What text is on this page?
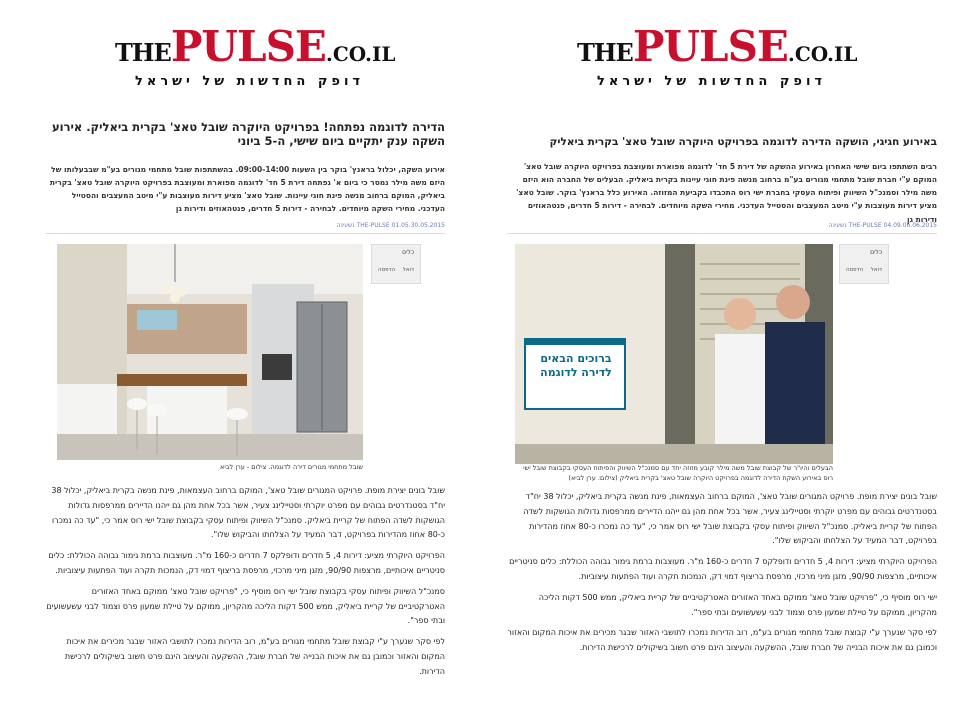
THEPULSE.CO.IL
דופק החדשות של ישראל
הדירה לדוגמה נפתחה! בפרויקט היוקרה שובל טאצ' בקרית ביאליק. אירוע השקה ענק יתקיים ביום שישי, ה-5 ביוני
אירוע השקה, יכלול בראנץ' בוקר בין השעות 09:00-14:00. בהשתתפות שובל מתחמי מגורים בע"מ שבבעלותו של היזם משה מילר נמסר כי ביום א' נפתחה דירת 5 חד' לדוגמה מפוארת ומעוצבת בפרויקט היוקרה שובל טאצ' בקרית ביאליק, המוקם ברחוב מנשה פינת חוגי עיינות. שובל טאצ' מציע דירות מעוצבות ע"י מיטב המעצבים והסטייל העדכני. מחירי השקה מיוחדים. לבחירה - דירות 5 חדרים, פנטהאוזים ודירות גן
01.05.30.05.2015 THE-PULSE נשעינה
שובל מתחמי מגורים דירה לדוגמה. צילום - ערן לביא
כלים
דואל
הדפסה

שובל בונים יצירת מופת. פרויקט המגורים שובל טאצ', המוקם ברחוב העצמאות, פינת מנשה בקרית ביאליק, יכלול 38 יח"ד בסטנדרטים גבוהים עם מפרט יוקרתי וסטיילינג צעיר, אשר בכל אחת מהן גם ייהנו הדיירים ממרפסות גדולות הגושקות לשדה הפתוח של קריית ביאליק. סמנכ"ל השיווק ופיתוח עסקי בקבוצת שובל ישי רוס אמר כי, "עד כה נמכרו כ-80 אחוז מהדירות בפרויקט, דבר המעיד על הצלחתו והביקוש שלו".

הפרויקט היוקרתי מציע: דירות 4, 5 חדרים ודופלקס 7 חדרים כ-160 מ"ר. מעוצבות ברמת גימור גבוהה הכוללת: כלים סניטריים איכותיים, מרצפות 90/90, מזגן מיני מרכזי, מרפסת בריצוף דמוי דק, הנמכות תקרה ועוד הפתעות עיצוביות.

סמנכ"ל השיווק ופיתוח עסקי בקבוצת שובל ישי רוס מוסיף כי, "פרויקט שובל טאצ' ממוקם באחד האזורים האטרקטיביים של קריית ביאליק, ממש 500 דקות הליכה מהקריון, ממוקם על טיילת שמעון פרס וצמוד לבני עשעשועים ובתי ספר".

לפי סקר שנערך ע"י קבוצת שובל מתחמי מגורים בע"מ, רוב הדירות נמכרו לתושבי האזור שבגר מכירים את איכות המקום והאזור וכמובן גם את איכות הבנייה של חברת שובל, ההשקעה והעיצוב הינם פרט חשוב בשיקולים לרכישת הדירות.

THEPULSE.CO.IL
דופק החדשות של ישראל
באירוע חגיגי, הושקה הדירה לדוגמה בפרויקט היוקרה שובל טאצ' בקרית ביאליק
רבים השתתפו ביום שישי האחרון באירוע ההשקה של דירת 5 חד' לדוגמה מפוארת ומעוצבת בפרויקט היוקרה שובל טאצ' המוקם ע"י חברת שובל מתחמי מגורים בע"מ ברחוב מנשה פינת חוגי עיינות בקרית ביאליק. הבעלים של החברה הוא היזם משה מילר וסמנכ"ל השיווק ופיתוח העסקי בחברת ישי רוס התכבדו בקביעת המזוזה. האירוע כלל בראנץ' בוקר. שובל טאצ' מציע דירות מעוצבות ע"י מיטב המעצבים והסטייל העדכני. מחירי השקה מיוחדים. לבחירה - דירות 5 חדרים, פנטהאוזים ודירות גן
04.09.06.06.2015 THE-PULSE נשעינה
ברוכים הבאים לדירה לדוגמה
הבעלים והיו"ר של קבוצת שובל משה מילר קובע מזוזה יחד עם סמנכ"ל השיווק והפיתוח העסקי בקבוצת שובל ישי רוס באירוע השקת הדירה לדוגמה בפרויקט היוקרה שובל טאצ' בקרית ביאליק (צילום: ערן לביא)
כלים
דואל
הדפסה

שובל בונים יצירת מופת. פרויקט המגורים שובל טאצ', המוקם ברחוב העצמאות, פינת מנשה בקרית ביאליק, יכלול 38 יח"ד בסטנדרטים גבוהים עם מפרט יוקרתי וסטיילינג צעיר, אשר בכל אחת מהן גם ייהנו הדיירים ממרפסות גדולות הגושקות לשדה הפתוח של קריית ביאליק. סמנכ"ל השיווק ופיתוח עסקי בקבוצת שובל ישי רוס אמר כי, "עד כה נמכרו כ-80 אחוז מהדירות בפרויקט, דבר המעיד על הצלחתו והביקוש שלו".

הפרויקט היוקרתי מציע: דירות 4, 5 חדרים ודופלקס 7 חדרים כ-160 מ"ר. מעוצבות ברמת גימור גבוהה הכוללת: כלים סניטריים איכותיים, מרצפות 90/90, מזגן מיני מרכזי, מרפסת בריצוף דמוי דק, הנמכות תקרה ועוד הפתעות עיצוביות.

ישי רוס מוסיף כי, "פרויקט שובל טאצ' ממוקם באחד האזורים האטרקטיביים של קריית ביאליק, ממש 500 דקות הליכה מהקריון, ממוקם על טיילת שמעון פרס וצמוד לבני עשעשועים ובתי ספר".

לפי סקר שנערך ע"י קבוצת שובל מתחמי מגורים בע"מ, רוב הדירות נמכרו לתושבי האזור שבגר מכירים את איכות המקום והאזור וכמובן גם את איכות הבנייה של חברת שובל, ההשקעה והעיצוב הינם פרט חשוב בשיקולים לרכישת הדירות.
